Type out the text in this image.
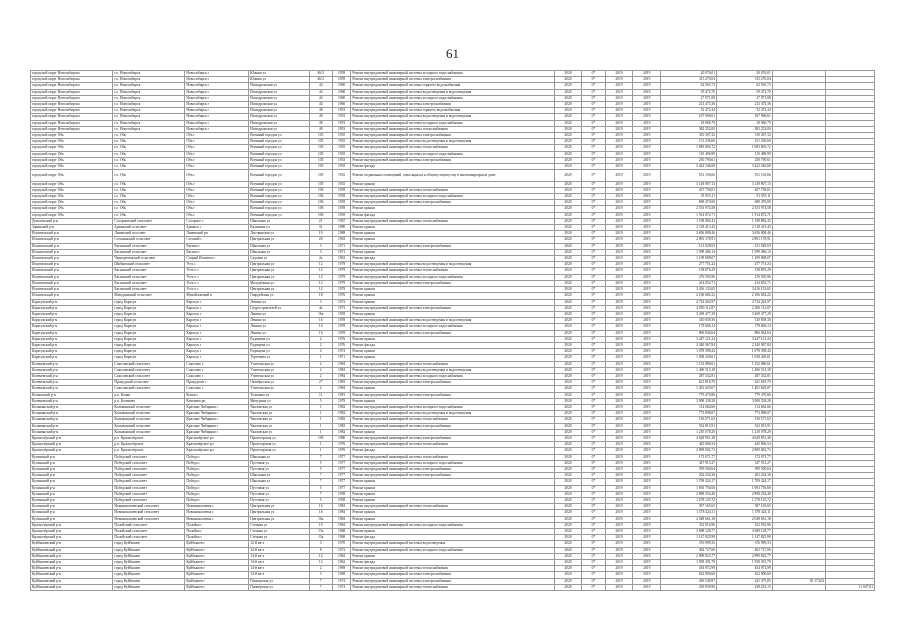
61
городской округ Новосибирска	г.о. Новосибирск	Новосибирск г	Южная ул	46/2	1959	Ремонт внутридомовой инженерной системы холодного водоснабжения	2020	0*	2019	2019	20 076,01	20 076,01		
городской округ Новосибирска	г.о. Новосибирск	Новосибирск г	Южная ул	46/2	1959	Ремонт внутридомовой инженерной системы электроснабжения	2020	0*	2019	2019	315 270,04	315 270,04		
городской округ Новосибирска	г.о. Новосибирск	Новосибирск г	Ипподромская ул	44	1960	Ремонт внутридомовой инженерной системы горячего водоснабжения	2020	0*	2019	2019	62 565,73	62 565,73		
городской округ Новосибирска	г.о. Новосибирск	Новосибирск г	Ипподромская ул	44	1960	Ремонт внутридомовой инженерной системы водоотведения и водоотведения	2020	0*	2019	2019	59 472,70	59 472,70		
городской округ Новосибирска	г.о. Новосибирск	Новосибирск г	Ипподромская ул	44	1960	Ремонт внутридомовой инженерной системы холодного водоснабжения	2020	0*	2019	2019	27 971,08	27 971,08		
городской округ Новосибирска	г.о. Новосибирск	Новосибирск г	Ипподромская ул	44	1960	Ремонт внутридомовой инженерной системы электроснабжения	2020	0*	2019	2019	213 475,36	213 475,36		
городской округ Новосибирска	г.о. Новосибирск	Новосибирск г	Ипподромская ул	48	1953	Ремонт внутридомовой инженерной системы горячего водоснабжения	2020	0*	2019	2019	52 472,44	52 472,44		
городской округ Новосибирска	г.о. Новосибирск	Новосибирск г	Ипподромская ул	48	1953	Ремонт внутридомовой инженерной системы водоотведения и водоотведения	2020	0*	2019	2019	167 968,61	167 968,61		
городской округ Новосибирска	г.о. Новосибирск	Новосибирск г	Ипподромская ул	48	1953	Ремонт внутридомовой инженерной системы холодного водоснабжения	2020	0*	2019	2019	18 066,79	18 066,79		
городской округ Новосибирска	г.о. Новосибирск	Новосибирск г	Ипподромская ул	48	1953	Ремонт внутридомовой инженерной системы теплоснабжения	2020	0*	2019	2019	382 252,00	382 252,00		
городской округ Обь	г.о. Обь	Обь г	Военный городок ул	105	1935	Ремонт внутридомовой инженерной системы электроснабжения	2020	0*	2019	2019	310 307,32	310 307,32		
городской округ Обь	г.о. Обь	Обь г	Военный городок ул	105	1935	Ремонт внутридомовой инженерной системы водоотведения и водоотведения	2020	0*	2019	2019	151 236,60	151 236,60		
городской округ Обь	г.о. Обь	Обь г	Военный городок ул	105	1935	Ремонт внутридомовой инженерной системы теплоснабжения	2020	0*	2019	2019	1 083 802,72	1 083 802,72		
городской округ Обь	г.о. Обь	Обь г	Военный городок ул	105	1935	Ремонт внутридомовой инженерной системы холодного водоснабжения	2020	0*	2019	2019	110 496,99	110 496,99		
городской округ Обь	г.о. Обь	Обь г	Военный городок ул	105	1935	Ремонт внутридомовой инженерной системы электроснабжения	2020	0*	2019	2019	250 790,61	250 790,61		
городской округ Обь	г.о. Обь	Обь г	Военный городок ул	105	1935	Ремонт фасада	2020	0*	2019	2019	3 422 346,68	3 422 346,68		
городской округ Обь	г.о. Обь	Обь г	Военный городок ул	105	1935	Ремонт подвальных помещений, относящихся к общему имуществу в многоквартирном доме	2020	0*	2019	2019	551 156,66	551 156,66		
городской округ Обь	г.о. Обь	Обь г	Военный городок ул	105	1935	Ремонт крыши	2020	0*	2019	2019	3 149 807,13	3 149 807,13		
городской округ Обь	г.о. Обь	Обь г	Военный городок ул	106	1939	Ремонт внутридомовой инженерной системы теплоснабжения	2020	0*	2019	2019	457 738,01	457 738,01		
городской округ Обь	г.о. Обь	Обь г	Военный городок ул	106	1939	Ремонт внутридомовой инженерной системы холодного водоснабжения	2020	0*	2019	2019	91 055,11	91 055,11		
городской округ Обь	г.о. Обь	Обь г	Военный городок ул	106	1939	Ремонт внутридомовой инженерной системы электроснабжения	2020	0*	2019	2019	698 470,00	698 470,00		
городской округ Обь	г.о. Обь	Обь г	Военный городок ул	106	1939	Ремонт крыши	2020	0*	2019	2019	2 553 974,58	2 553 974,58		
городской округ Обь	г.о. Обь	Обь г	Военный городок ул	106	1939	Ремонт фасада	2020	0*	2019	2019	1 914 872,71	1 914 872,71		
Доволенский р-н	Согорновский сельсовет	Согорное с	Школьная ул	21	1967	Ремонт внутридомовой инженерной системы теплоснабжения	2020	0*	2019	2019	1 198 882,43	1 198 882,43		
Здвинский р-н	Здвинский сельсовет	Здвинск с	Калинина ул	31	1980	Ремонт крыши	2020	0*	2019	2019	2 118 413,43	2 118 413,43		
Искитимский р-н	Линевский поссовет	Линевский рп	Листвянская ул	19	1988	Ремонт крыши	2020	0*	2019	2019	3 656 808,46	3 656 808,46		
Искитимский р-н	Степнинский сельсовет	Степной с	Центральная ул	20	1963	Ремонт крыши	2020	0*	2019	2019	2 891 178,91	2 891 178,91		
Искитимский р-н	Евсинский сельсовет	Евсино с	Школьная ул	3	1971	Ремонт внутридомовой инженерной системы электроснабжения	2020	0*	2019	2019	121 028,03	121 028,03		
Искитимский р-н	Евсинский сельсовет	Евсино с	Школьная ул	3	1971	Ремонт крыши	2020	0*	2019	2019	1 599 486,14	1 599 486,14		
Искитимский р-н	Чернореченский сельсовет	Старый Искитим с	Садовая ул	2а	1963	Ремонт фасада	2020	0*	2019	2019	1 109 808,07	1 109 808,07		
Искитимский р-н	Шибковский сельсовет	Усть с	Центральная ул	12	1979	Ремонт внутридомовой инженерной системы водоотведения и водоотведения	2020	0*	2019	2019	277 751,24	277 751,24		
Искитимский р-н	Евсинский сельсовет	Усть-о с	Центральная ул	12	1979	Ремонт внутридомовой инженерной системы теплоснабжения	2020	0*	2019	2019	158 876,29	158 876,29		
Искитимский р-н	Евсинский сельсовет	Усть-о с	Центральная ул	12	1979	Ремонт внутридомовой инженерной системы холодного водоснабжения	2020	0*	2019	2019	276 505,96	276 505,96		
Искитимский р-н	Евсинский сельсовет	Усть-о с	Молодёжная ул	12	1979	Ремонт внутридомовой инженерной системы электроснабжения	2020	0*	2019	2019	414 052,71	414 052,71		
Искитимский р-н	Евсинский сельсовет	Усть-о с	Центральная ул	12	1979	Ремонт крыши	2020	0*	2019	2019	3 416 133,65	3 416 133,65		
Искитимский р-н	Мичуринский сельсовет	Михайловский п	Гвардейская ул	18	1976	Ремонт крыши	2020	0*	2019	2019	2 106 682,22	2 106 682,22		
Карасукский р-н	город Карасук	Карасук г	Ленина ул	3	1972	Ремонт крыши	2020	0*	2019	2019	4 724 262,97	4 724 262,97		
Карасукский р-н	город Карасук	Карасук г	Гидростроителей ул	4а	1973	Ремонт внутридомовой инженерной системы электроснабжения	2020	0*	2019	2019	2 050 112,87	2 050 112,87		
Карасукский р-н	город Карасук	Карасук г	Ленина ул	16а	1959	Ремонт крыши	2020	0*	2019	2019	3 269 477,29	3 269 477,29		
Карасукский р-н	город Карасук	Карасук г	Ленина ул	16	1959	Ремонт внутридомовой инженерной системы водоотведения и водоотведения	2020	0*	2019	2019	310 838,30	310 838,30		
Карасукский р-н	город Карасук	Карасук г	Ленина ул	16	1959	Ремонт внутридомовой инженерной системы холодного водоснабжения	2020	0*	2019	2019	178 606,14	178 606,14		
Карасукский р-н	город Карасук	Карасук г	Ленина ул	16	1959	Ремонт внутридомовой инженерной системы электроснабжения	2020	0*	2019	2019	806 944,64	806 944,64		
Карасукский р-н	город Карасук	Карасук г	Радищева ул	2	1976	Ремонт крыши	2020	0*	2019	2019	3 247 121,24	3 247 121,24		
Карасукский р-н	город Карасук	Карасук г	Радищева ул	2	1976	Ремонт фасада	2020	0*	2019	2019	2 340 967,84	2 340 967,84		
Карасукский р-н	город Карасук	Карасук г	Радищева ул	4	1974	Ремонт крыши	2020	0*	2019	2019	1 078 398,44	1 078 398,44		
Карасукский р-н	город Карасук	Карасук г	Тургенева ул	1	1971	Ремонт крыши	2020	0*	2019	2019	1 038 430,61	1 038 430,61		
Коченевский р-н	Соколовский сельсовет	Соколово с	Учительская ул	2	1984	Ремонт внутридомовой инженерной системы теплоснабжения	2020	0*	2019	2019	1 152 880,61	1 152 880,61		
Коченевский р-н	Соколовский сельсовет	Соколово с	Учительская ул	2	1984	Ремонт внутридомовой инженерной системы водоотведения и водоотведения	2020	0*	2019	2019	1 406 513,18	1 406 513,18		
Коченевский р-н	Соколовский сельсовет	Соколово с	Учительская ул	2	1984	Ремонт внутридомовой инженерной системы холодного водоснабжения	2020	0*	2019	2019	287 332,81	287 332,81		
Коченевский р-н	Прокудский сельсовет	Прокудское с	Октябрьская ул	27	1983	Ремонт внутридомовой инженерной системы электроснабжения	2020	0*	2019	2019	621 818,70	621 818,70		
Коченевский р-н	Соколовский сельсовет	Соколово с	Учительская ул	2	1984	Ремонт крыши	2020	0*	2019	2019	1 401 629,07	1 401 629,07		
Кочковский р-н	р.п. Кочки	Кочки с	Тельмана ул	11	1981	Ремонт внутридомовой инженерной системы электроснабжения	2020	0*	2019	2019	779 470,86	779 470,86		
Коченевский р-н	р.п. Коченево	Коченево рп	Мичурина ул	5	1979	Ремонт крыши	2020	0*	2019	2019	3 908 338,28	3 908 338,28		
Колыванский р-н	Колыванский сельсовет	Красные Чибиряки с	Чкаловская ул	1	1982	Ремонт внутридомовой инженерной системы холодного водоснабжения	2020	0*	2019	2019	114 664,66	114 664,66		
Колыванский р-н	Колыванский сельсовет	Красные Чибиряки с	Чкаловская ул	1	1982	Ремонт внутридомовой инженерной системы водоотведения и водоотведения	2020	0*	2019	2019	773 898,07	773 898,07		
Колыванский р-н	Колыванский сельсовет	Красные Чибиряки с	Чкаловская ул	1	1982	Ремонт внутридомовой инженерной системы теплоснабжения	2020	0*	2019	2019	156 571,63	156 571,63		
Колыванский р-н	Колыванский сельсовет	Красные Чибиряки с	Чкаловская ул	1	1982	Ремонт внутридомовой инженерной системы электроснабжения	2020	0*	2019	2019	332 813,91	332 813,91		
Колыванский р-н	Колыванский сельсовет	Красные Чибиряки с	Чкаловская ул	1	1982	Ремонт крыши	2020	0*	2019	2019	1 210 078,29	1 210 078,29		
Краснозёрский р-н	р.п. Краснозёрское	Краснозёрское рп	Пролетарская ул	100	1980	Ремонт внутридомовой инженерной системы электроснабжения	2020	0*	2019	2019	4 629 951,38	4 629 951,38		
Краснозёрский р-н	р.п. Краснозёрское	Краснозёрское рп	Пролетарская ул	1	1976	Ремонт внутридомовой инженерной системы теплоснабжения	2020	0*	2019	2019	445 806,54	445 806,54		
Краснозёрский р-н	р.п. Краснозёрское	Краснозёрское рп	Пролетарская ул	1	1976	Ремонт фасада	2020	0*	2019	2019	2 809 002,73	2 809 002,73		
Купинский р-н	Победский сельсовет	Победа с	Школьная ул	7	1977	Ремонт внутридомовой инженерной системы теплоснабжения	2020	0*	2019	2019	173 071,77	173 071,77		
Купинский р-н	Победский сельсовет	Победа с	Пустовая ул	5	1977	Ремонт внутридомовой инженерной системы холодного водоснабжения	2020	0*	2019	2019	347 913,27	347 913,27		
Купинский р-н	Победский сельсовет	Победа с	Пустовая ул	5	1977	Ремонт внутридомовой инженерной системы электроснабжения	2020	0*	2019	2019	599 500,64	599 500,64		
Купинский р-н	Победский сельсовет	Победа с	Школьная ул	7	1977	Ремонт внутридомовой инженерной системы электроснабжения	2020	0*	2019	2019	202 234,36	202 234,36		
Купинский р-н	Победский сельсовет	Победа с	Школьная ул	7	1977	Ремонт крыши	2020	0*	2019	2019	1 709 424,17	1 709 424,17		
Купинский р-н	Победский сельсовет	Победа с	Пустовая ул	5	1977	Ремонт крыши	2020	0*	2019	2019	1 693 756,66	1 693 756,66		
Купинский р-н	Победский сельсовет	Победа с	Пустовая ул	7	1958	Ремонт крыши	2020	0*	2019	2019	2 898 254,40	2 898 254,40		
Купинский р-н	Победский сельсовет	Победа с	Пустовая ул	5	1958	Ремонт крыши	2020	0*	2019	2019	1 578 125,72	1 578 125,72		
Купинский р-н	Новониколаевский сельсовет	Новониколаевка с	Центральная ул	16	1984	Ремонт внутридомовой инженерной системы теплоснабжения	2020	0*	2019	2019	397 165,65	397 165,65		
Купинский р-н	Новониколаевский сельсовет	Новониколаевка с	Центральная ул	16	1984	Ремонт крыши	2020	0*	2019	2019	1 578 424,11	1 578 424,11		
Купинский р-н	Новониколаевский сельсовет	Новониколаевка с	Центральная ул	16а	1984	Ремонт крыши	2020	0*	2019	2019	2 048 661,18	2 048 661,18		
Краснозёрский р-н	Полойский сельсовет	Полойка с	Степная ул	10	1984	Ремонт внутридомовой инженерной системы холодного водоснабжения	2020	0*	2019	2019	332 916,96	332 916,96		
Краснозёрский р-н	Полойский сельсовет	Полойка с	Степная ул	13а	1968	Ремонт крыши	2020	0*	2019	2019	3 688 128,77	3 688 128,77		
Краснозёрский р-н	Полойский сельсовет	Полойка с	Степная ул	13а	1968	Ремонт фасада	2020	0*	2019	2019	1 147 825,98	1 147 825,98		
Куйбышевский р-н	город Куйбышев	Куйбышев г	12-й кв-л	3	1970	Ремонт внутридомовой инженерной системы водоотведения	2020	0*	2019	2019	376 999,33	376 999,33		
Куйбышевский р-н	город Куйбышев	Куйбышев г	14-й кв-л	8	1972	Ремонт внутридомовой инженерной системы холодного водоснабжения	2020	0*	2019	2019	402 727,06	402 727,06		
Куйбышевский р-н	город Куйбышев	Куйбышев г	14-й кв-л	12	1962	Ремонт крыши	2020	0*	2019	2019	2 890 823,77	2 890 823,77		
Куйбышевский р-н	город Куйбышев	Куйбышев г	14-й кв-л	12	1962	Ремонт фасада	2020	0*	2019	2019	1 958 391,79	1 958 391,79		
Куйбышевский р-н	город Куйбышев	Куйбышев г	14-й кв-л	2	1969	Ремонт внутридомовой инженерной системы теплоснабжения	2020	0*	2019	2019	454 972,99	454 972,99		
Куйбышевский р-н	город Куйбышев	Куйбышев г	14-й кв-л	3	1969	Ремонт внутридомовой инженерной системы электроснабжения	2020	0*	2019	2019	622 900,60	622 900,60		
Куйбышевский р-н	город Куйбышев	Куйбышев г	Пионерская ул	7	1974	Ремонт внутридомовой инженерной системы электроснабжения	2020	0*	2019	2019	306 549,87	241 375,85	65 174,02	
Куйбышевский р-н	город Куйбышев	Куйбышев г	Пионерская ул	7	1974	Ремонт внутридомовой инженерной системы теплоснабжения	2020	0*	2019	2019	239 839,96	228 232,15		11 607,81
